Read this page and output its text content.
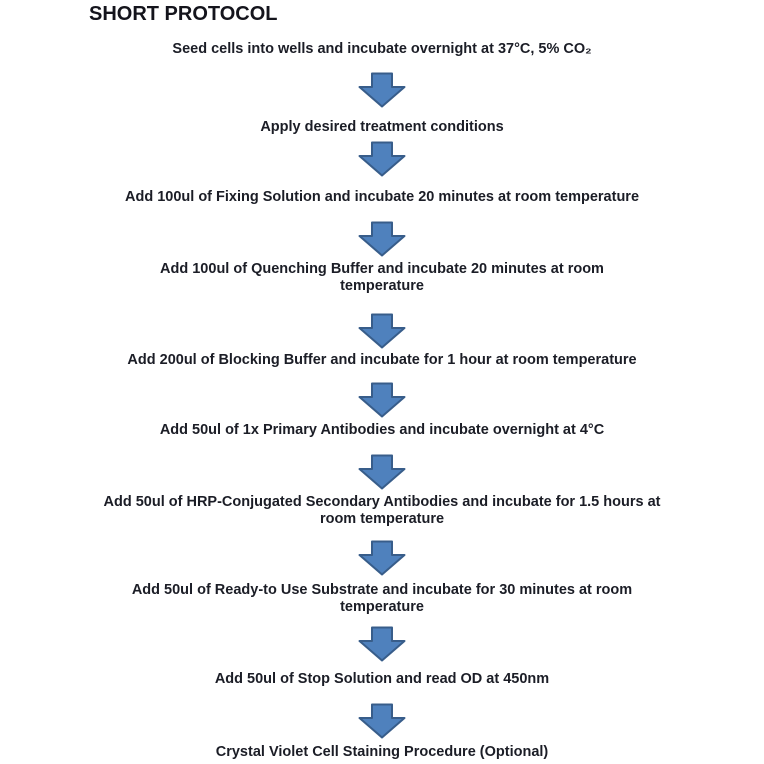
SHORT PROTOCOL
Seed cells into wells and incubate overnight at 37°C, 5% CO₂
Apply desired treatment conditions
Add 100ul of Fixing Solution and incubate 20 minutes at room temperature
Add 100ul of Quenching Buffer and incubate 20 minutes at room temperature
Add 200ul of Blocking Buffer and incubate for 1 hour at room temperature
Add 50ul of 1x Primary Antibodies and incubate overnight at 4°C
Add 50ul of HRP-Conjugated Secondary Antibodies and incubate for 1.5 hours at room temperature
Add 50ul of Ready-to Use Substrate and incubate for 30 minutes at room temperature
Add 50ul of Stop Solution and read OD at 450nm
Crystal Violet Cell Staining Procedure (Optional)
